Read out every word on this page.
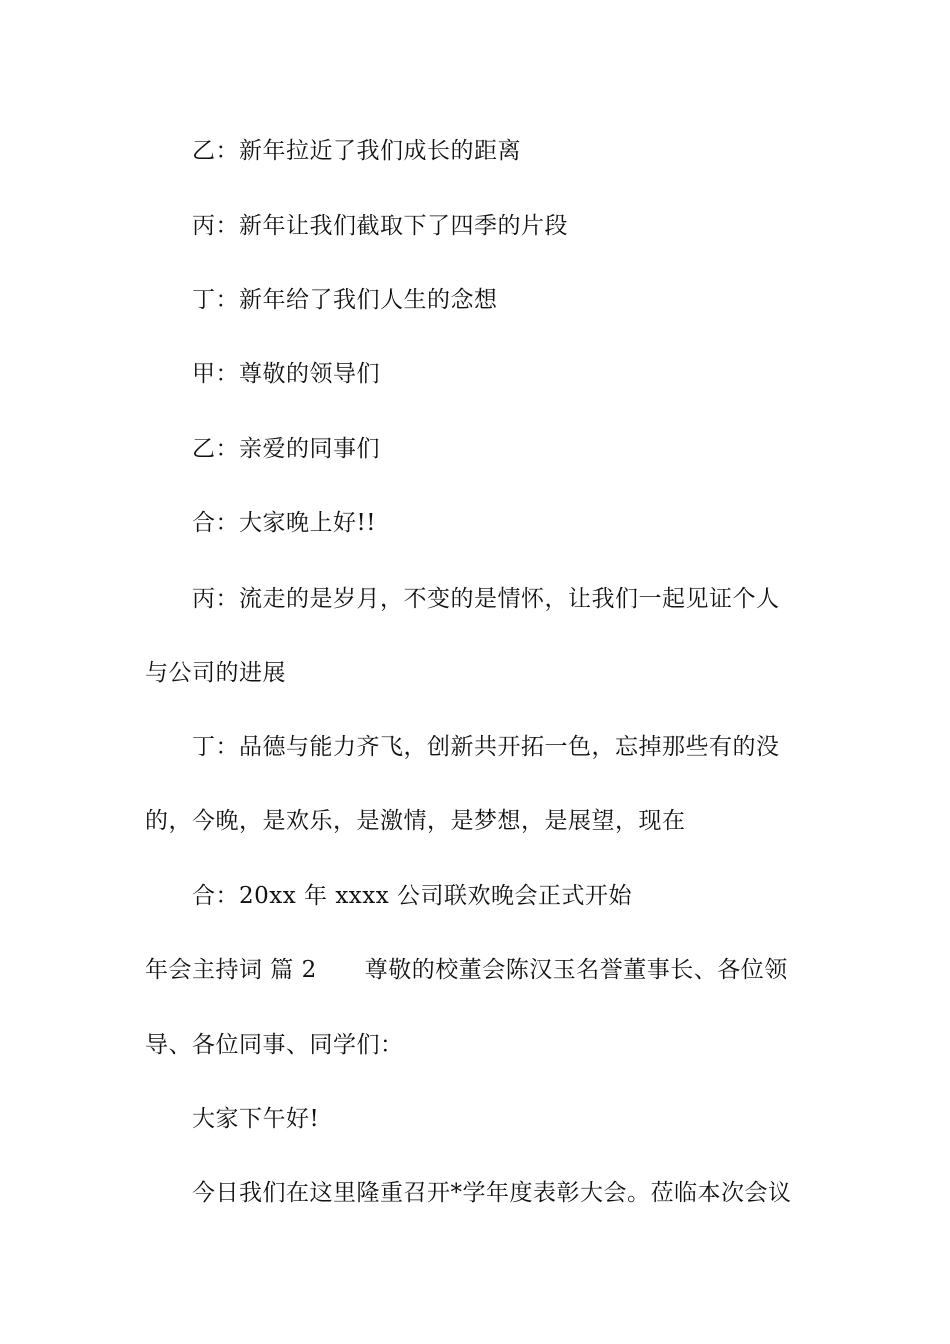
乙：新年拉近了我们成长的距离
丙：新年让我们截取下了四季的片段
丁：新年给了我们人生的念想
甲：尊敬的领导们
乙：亲爱的同事们
合：大家晚上好!!
丙：流走的是岁月，不变的是情怀，让我们一起见证个人
与公司的进展
丁：品德与能力齐飞，创新共开拓一色，忘掉那些有的没
的，今晚，是欢乐，是激情，是梦想，是展望，现在
合：20xx 年 xxxx 公司联欢晚会正式开始
年会主持词 篇 2 尊敬的校董会陈汉玉名誉董事长、各位领
导、各位同事、同学们：
大家下午好!
今日我们在这里隆重召开*学年度表彰大会。莅临本次会议
